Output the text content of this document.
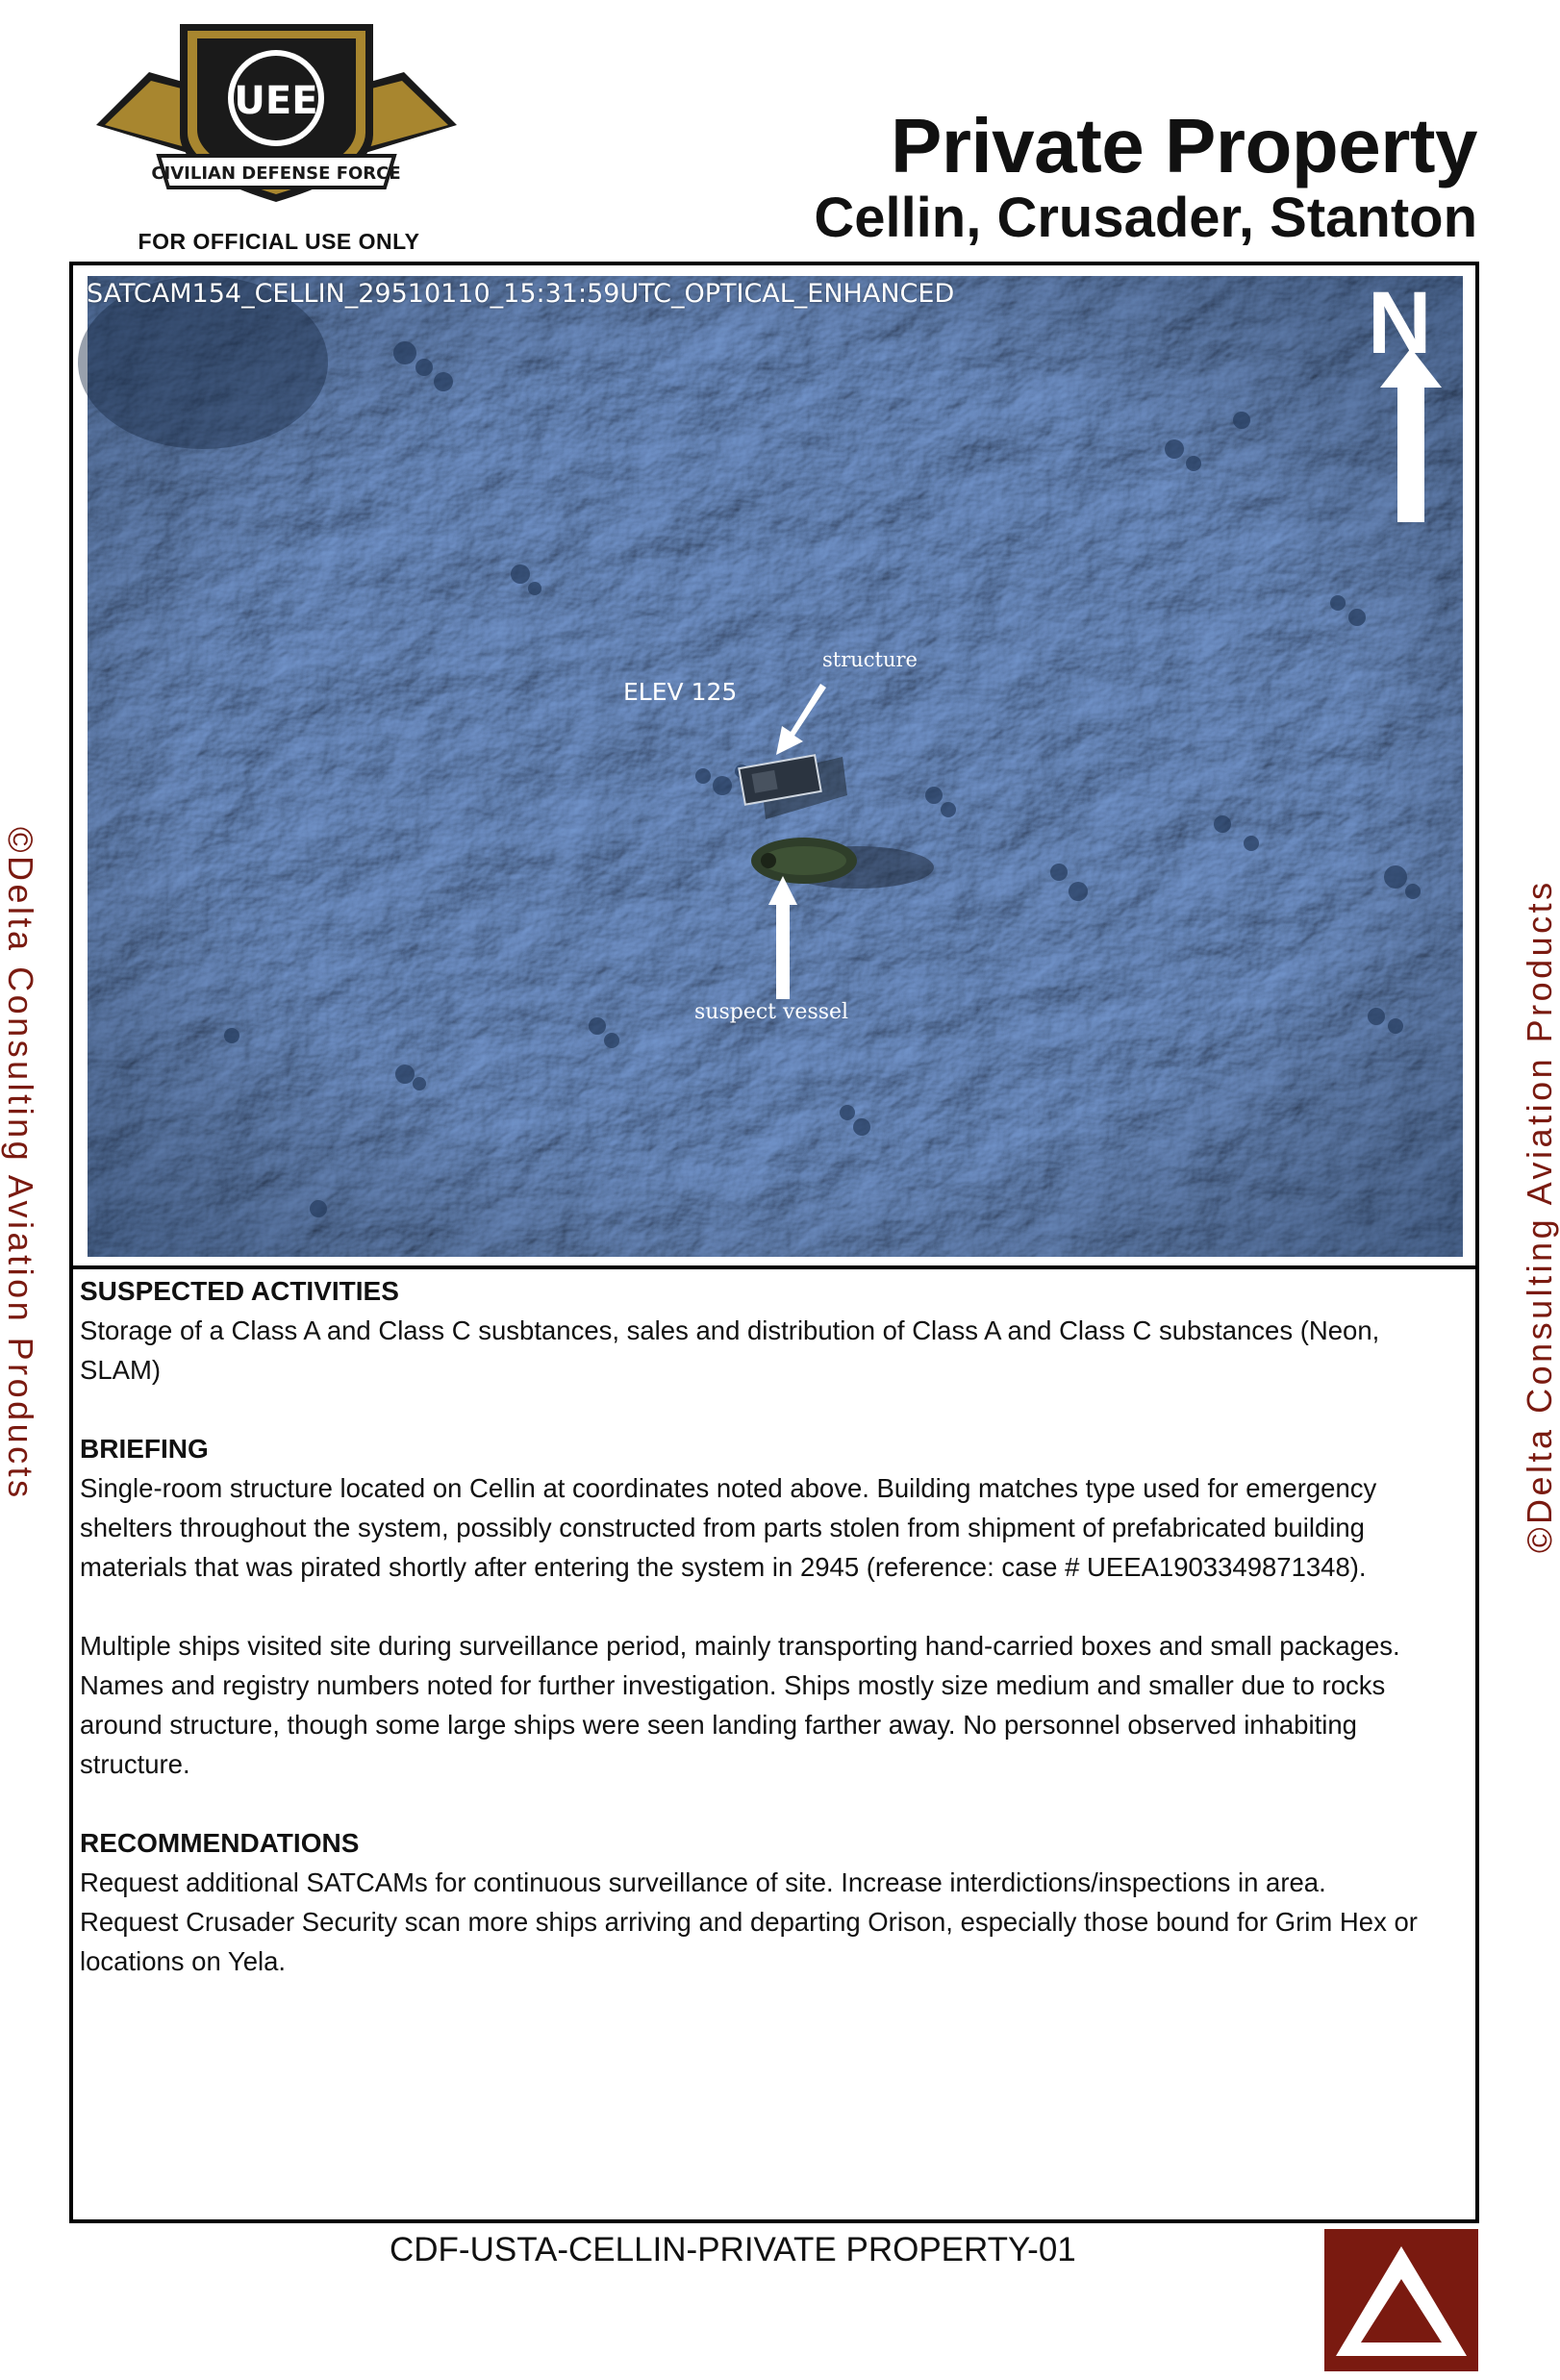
UEE
CIVILIAN DEFENSE FORCE
FOR OFFICIAL USE ONLY
Private Property
Cellin, Crusader, Stanton
SATCAM154_CELLIN_29510110_15:31:59UTC_OPTICAL_ENHANCED	N
structure
ELEV 125
suspect vessel
SUSPECTED ACTIVITIES

Storage of a Class A and Class C susbtances, sales and distribution of Class A and Class C substances (Neon, SLAM)

BRIEFING

Single-room structure located on Cellin at coordinates noted above. Building matches type used for emergency shelters throughout the system, possibly constructed from parts stolen from shipment of prefabricated building materials that was pirated shortly after entering the system in 2945 (reference: case # UEEA1903349871348).

Multiple ships visited site during surveillance period, mainly transporting hand-carried boxes and small packages. Names and registry numbers noted for further investigation. Ships mostly size medium and smaller due to rocks around structure, though some large ships were seen landing farther away. No personnel observed inhabiting structure.

RECOMMENDATIONS

Request additional SATCAMs for continuous surveillance of site. Increase interdictions/inspections in area. Request Crusader Security scan more ships arriving and departing Orison, especially those bound for Grim Hex or locations on Yela.

©Delta Consulting Aviation Products	©Delta Consulting Aviation Products
CDF-USTA-CELLIN-PRIVATE PROPERTY-01
